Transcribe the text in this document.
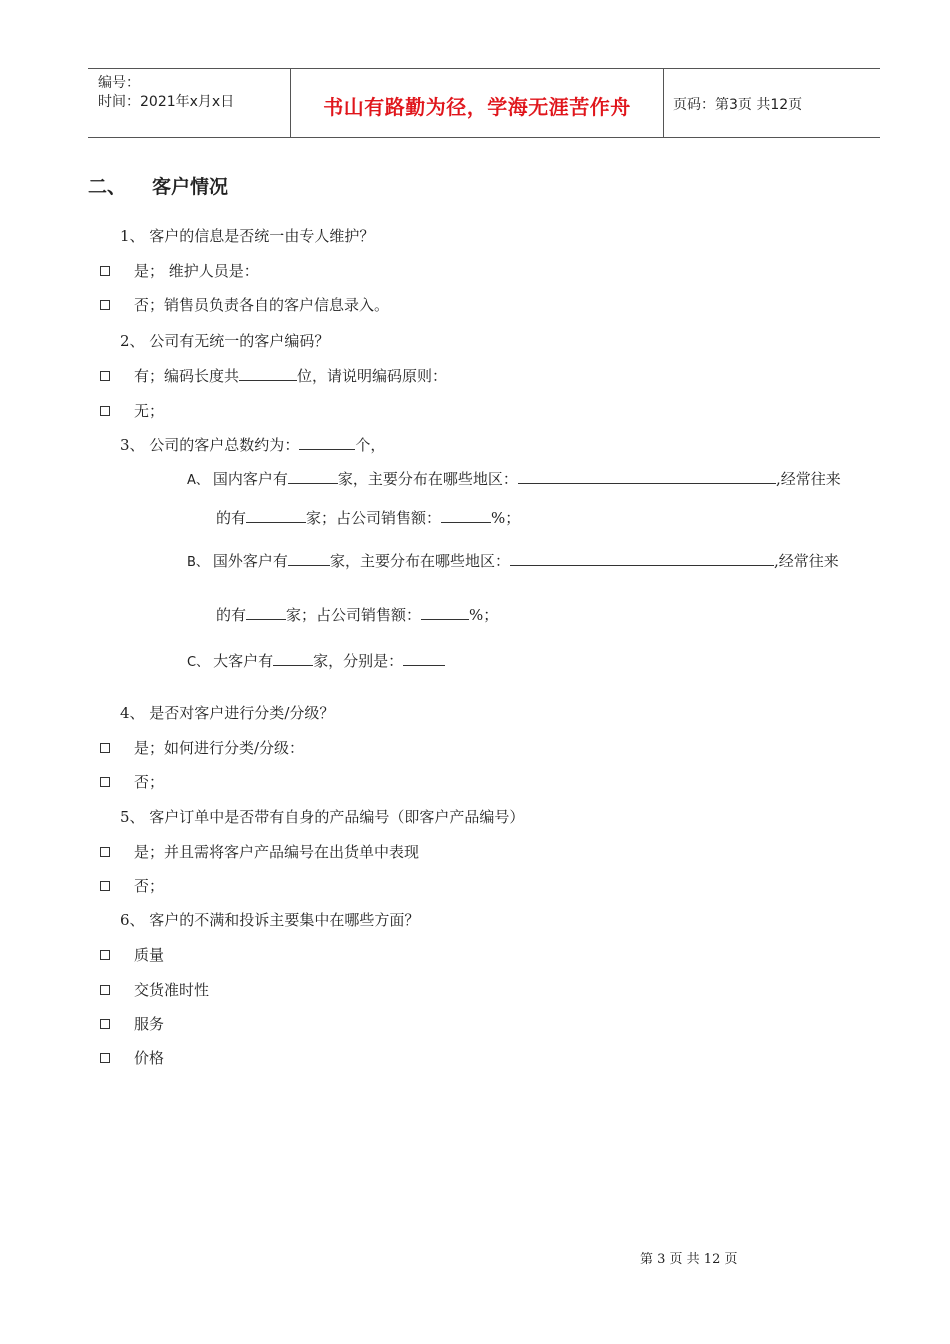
编号：
时间：2021年x月x日	书山有路勤为径，学海无涯苦作舟	页码：第3页 共12页
二、 客户情况
1、 客户的信息是否统一由专人维护？
是； 维护人员是：
否；销售员负责各自的客户信息录入。
2、 公司有无统一的客户编码？
有；编码长度共	位，请说明编码原则：
无；
3、 公司的客户总数约为：	个，
A、 国内客户有	家，主要分布在哪些地区：	,经常往来
的有	家；占公司销售额：	%；
B、 国外客户有	家，主要分布在哪些地区：	,经常往来
的有	家；占公司销售额：	%；
C、 大客户有	家，分别是：
4、 是否对客户进行分类/分级？
是；如何进行分类/分级：
否；
5、 客户订单中是否带有自身的产品编号（即客户产品编号）
是；并且需将客户产品编号在出货单中表现
否；
6、 客户的不满和投诉主要集中在哪些方面？
质量
交货准时性
服务
价格
第 3 页 共 12 页
